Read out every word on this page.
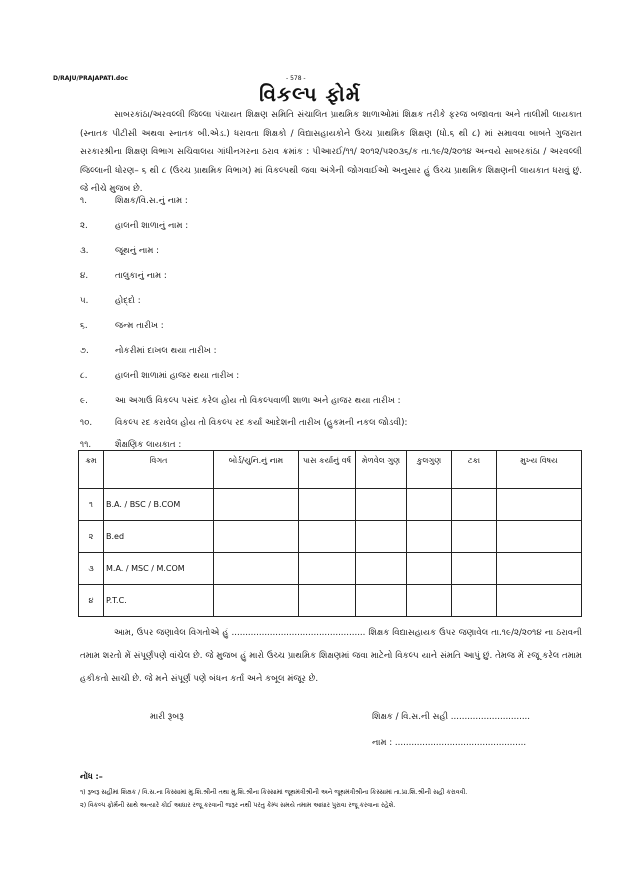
D/RAJU/PRAJAPATI.doc	- 578 -
વિકલ્પ ફોર્મ
સાબરકાંઠા/અરવલ્લી જિલ્લા પંચાયત શિક્ષણ સમિતિ સંચાલિત પ્રાથમિક શાળાઓમાં શિક્ષક તરીકે ફરજ બજાવતા અને તાલીમી લાયકાત (સ્નાતક પીટીસી અથવા સ્નાતક બી.એડ.) ધરાવતા શિક્ષકો / વિદ્યાસહાયકોને ઉચ્ચ પ્રાથમિક શિક્ષણ (ધો.૬ થી ૮) માં સમાવવા બાબતે ગુજરાત સરકારશ્રીના શિક્ષણ વિભાગ સચિવાલય ગાંધીનગરના ઠરાવ ક્રમાંક : પીઆરઈ/૧૧/ ૨૦૧૨/૫૨૦૩૬/ક તા.૧૯/૨/૨૦૧૪ અન્વયે સાબરકાંઠા / અરવલ્લી જિલ્લાની ધોરણ– ૬ થી ૮ (ઉચ્ચ પ્રાથમિક વિભાગ) માં વિકલ્પથી જવા અંગેની જોગવાઈઓ અનુસાર હું ઉચ્ચ પ્રાથમિક શિક્ષણની લાયકાત ધરાવું છું. જે નીચે મુજબ છે.
૧.	શિક્ષક/વિ.સ.નું નામ :
૨.	હાલની શાળાનું નામ :
૩.	જૂથનું નામ :
૪.	તાલુકાનું નામ :
૫.	હોદ્દો :
૬.	જન્મ તારીખ :
૭.	નોકરીમાં દાખલ થયા તારીખ :
૮.	હાલની શાળામાં હાજર થયા તારીખ :
૯.	આ અગાઉ વિકલ્પ પસંદ કરેલ હોય તો વિકલ્પવાળી શાળા અને હાજર થયા તારીખ :
૧૦.	વિકલ્પ રદ કરાવેલ હોય તો વિકલ્પ રદ કર્યા આદેશની તારીખ (હુકમની નકલ જોડવી):
૧૧.	શૈક્ષણિક લાયકાત :
ક્રમ	વિગત	બોર્ડ/યુનિ.નું નામ	પાસ કર્યાનું વર્ષ	મેળવેલ ગુણ	કુલગુણ	ટકા	મુખ્ય વિષય
૧	B.A. / BSC / B.COM						
૨	B.ed						
૩	M.A. / MSC / M.COM						
૪	P.T.C.						
આમ, ઉપર જણાવેલ વિગતોએ હું ................................................. શિક્ષક વિદ્યાસહાયક ઉપર જણાવેલ તા.૧૯/૨/૨૦૧૪ ના ઠરાવની તમામ શરતો મેં સંપૂર્ણપણે વાંચેલ છે. જે મુજબ હું મારો ઉચ્ચ પ્રાથમિક શિક્ષણમાં જવા માટેનો વિકલ્પ યાને સંમતિ આપું છું. તેમજ મેં રજૂ કરેલ તમામ હકીકતો સાચી છે. જે મને સંપૂર્ણ પણે બંધન કર્તા અને કબૂલ મંજૂર છે.
મારી રૂબરૂ	શિક્ષક / વિ.સ.ની સહી .............................
નામ : ................................................
નોંધ :–
૧) રૂબરૂ સહીમાં શિક્ષક / વિ.સ.ના કિસ્સામાં મુ.શિ.શ્રીની તથા મુ.શિ.શ્રીના કિસ્સામાં જૂથમંત્રીશ્રીની અને જૂથમંત્રીશ્રીના કિસ્સામાં તા.પ્રા.શિ.શ્રીની સહી કરાવવી.
૨) વિકલ્પ ફોર્મની સાથે અત્યારે કોઈ આધાર રજૂ કરવાની જરૂર નથી પરંતુ કેમ્પ સમયે તમામ આધાર પુરાવા રજૂ કરવાના રહેશે.
